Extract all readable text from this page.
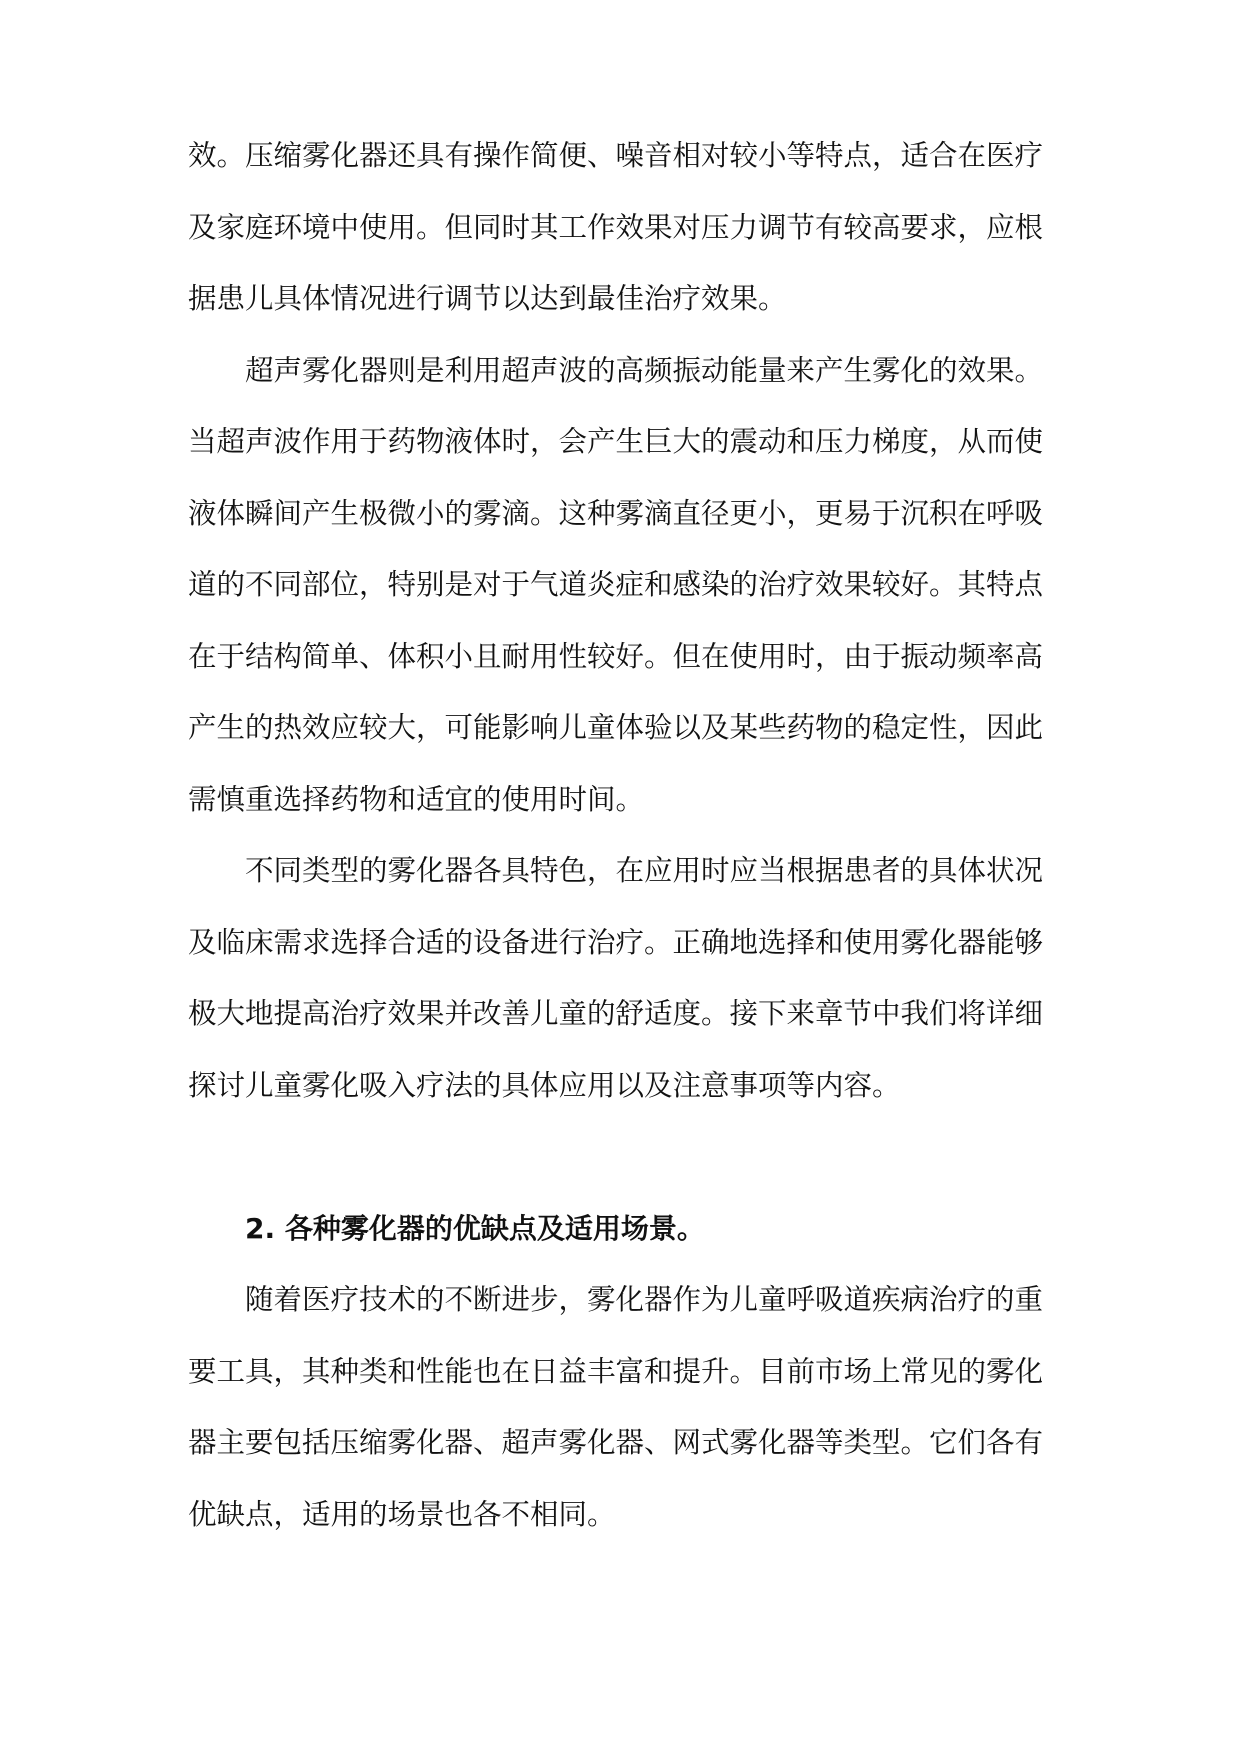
效。压缩雾化器还具有操作简便、噪音相对较小等特点，适合在医疗
及家庭环境中使用。但同时其工作效果对压力调节有较高要求，应根
据患儿具体情况进行调节以达到最佳治疗效果。
超声雾化器则是利用超声波的高频振动能量来产生雾化的效果。
当超声波作用于药物液体时，会产生巨大的震动和压力梯度，从而使
液体瞬间产生极微小的雾滴。这种雾滴直径更小，更易于沉积在呼吸
道的不同部位，特别是对于气道炎症和感染的治疗效果较好。其特点
在于结构简单、体积小且耐用性较好。但在使用时，由于振动频率高
产生的热效应较大，可能影响儿童体验以及某些药物的稳定性，因此
需慎重选择药物和适宜的使用时间。
不同类型的雾化器各具特色，在应用时应当根据患者的具体状况
及临床需求选择合适的设备进行治疗。正确地选择和使用雾化器能够
极大地提高治疗效果并改善儿童的舒适度。接下来章节中我们将详细
探讨儿童雾化吸入疗法的具体应用以及注意事项等内容。
2. 各种雾化器的优缺点及适用场景。
随着医疗技术的不断进步，雾化器作为儿童呼吸道疾病治疗的重
要工具，其种类和性能也在日益丰富和提升。目前市场上常见的雾化
器主要包括压缩雾化器、超声雾化器、网式雾化器等类型。它们各有
优缺点，适用的场景也各不相同。
